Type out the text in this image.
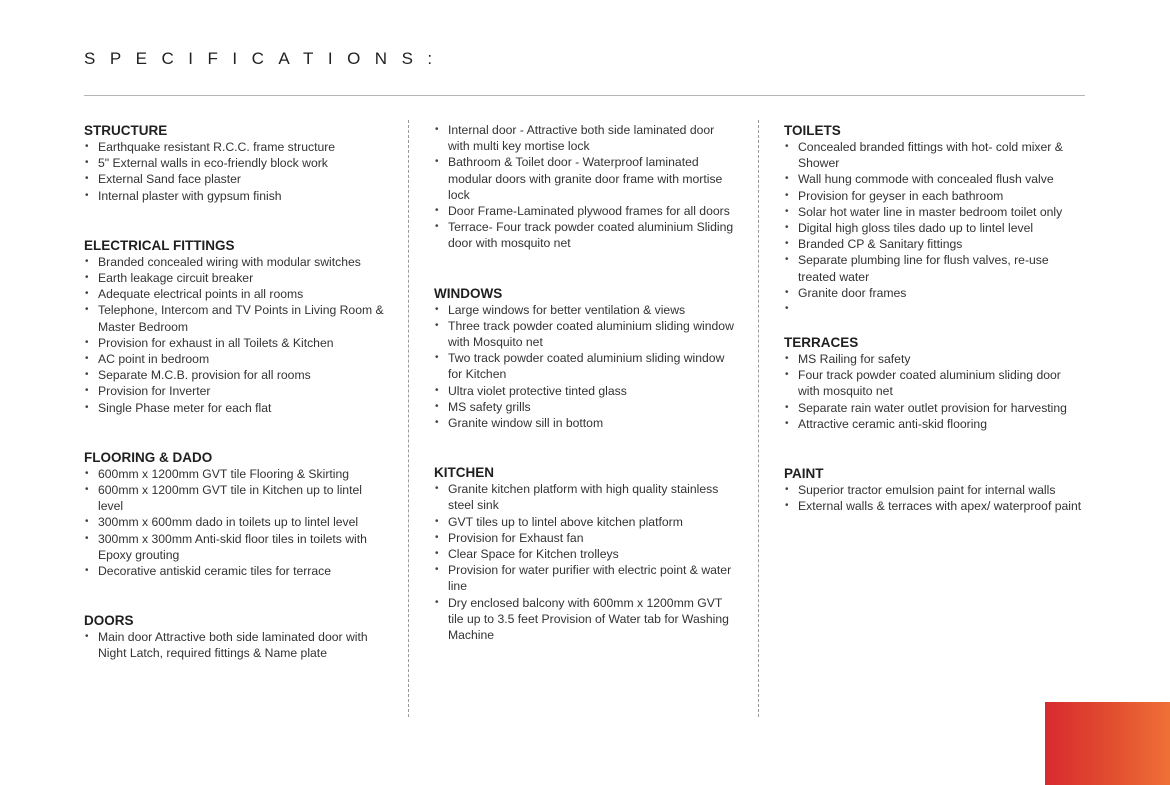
SPECIFICATIONS:
STRUCTURE
• Earthquake resistant R.C.C. frame structure
• 5" External walls in eco-friendly block work
• External Sand face plaster
• Internal plaster with gypsum finish
ELECTRICAL FITTINGS
• Branded concealed wiring with modular switches
• Earth leakage circuit breaker
• Adequate electrical points in all rooms
• Telephone, Intercom and TV Points in Living Room & Master Bedroom
• Provision for exhaust in all Toilets & Kitchen
• AC point in bedroom
• Separate M.C.B. provision for all rooms
• Provision for Inverter
• Single Phase meter for each flat
FLOORING & DADO
• 600mm x 1200mm GVT tile Flooring & Skirting
• 600mm x 1200mm GVT tile in Kitchen up to lintel level
• 300mm x 600mm dado in toilets up to lintel level
• 300mm x 300mm Anti-skid floor tiles in toilets with Epoxy grouting
• Decorative antiskid ceramic tiles for terrace
DOORS
• Main door Attractive both side laminated door with Night Latch, required fittings & Name plate
• Internal door - Attractive both side laminated door with multi key mortise lock
• Bathroom & Toilet door - Waterproof laminated modular doors with granite door frame with mortise lock
• Door Frame-Laminated plywood frames for all doors
• Terrace- Four track powder coated aluminium Sliding door with mosquito net
WINDOWS
• Large windows for better ventilation & views
• Three track powder coated aluminium sliding window with Mosquito net
• Two track powder coated aluminium sliding window for Kitchen
• Ultra violet protective tinted glass
• MS safety grills
• Granite window sill in bottom
KITCHEN
• Granite kitchen platform with high quality stainless steel sink
• GVT tiles up to lintel above kitchen platform
• Provision for Exhaust fan
• Clear Space for Kitchen trolleys
• Provision for water purifier with electric point & water line
• Dry enclosed balcony with 600mm x 1200mm GVT tile up to 3.5 feet Provision of Water tab for Washing Machine
TOILETS
• Concealed branded fittings with hot- cold mixer & Shower
• Wall hung commode with concealed flush valve
• Provision for geyser in each bathroom
• Solar hot water line in master bedroom toilet only
• Digital high gloss tiles dado up to lintel level
• Branded CP & Sanitary fittings
• Separate plumbing line for flush valves, re-use treated water
• Granite door frames
TERRACES
• MS Railing for safety
• Four track powder coated aluminium sliding door with mosquito net
• Separate rain water outlet provision for harvesting
• Attractive ceramic anti-skid flooring
PAINT
• Superior tractor emulsion paint for internal walls
• External walls & terraces with apex/ waterproof paint
